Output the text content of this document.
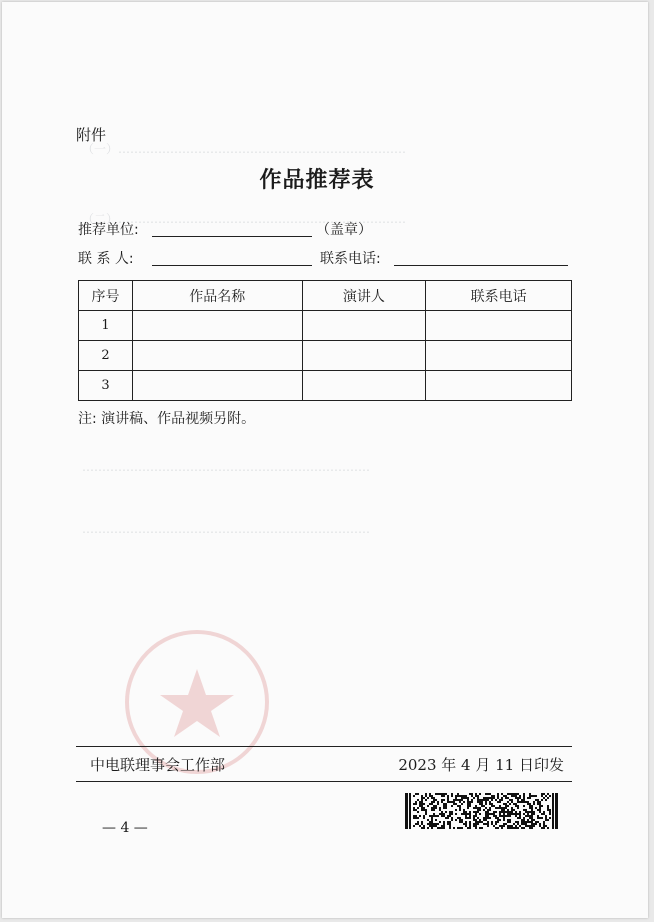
（一）………………………………………………………………
（二）………………………………………………………………
………………………………………………………………
………………………………………………………………
附件
作品推荐表
推荐单位:	（盖章）
联 系 人:	联系电话:
序号	作品名称	演讲人	联系电话
1			
2			
3			
注: 演讲稿、作品视频另附。
中电联理事会工作部	2023 年 4 月 11 日印发
— 4 —
